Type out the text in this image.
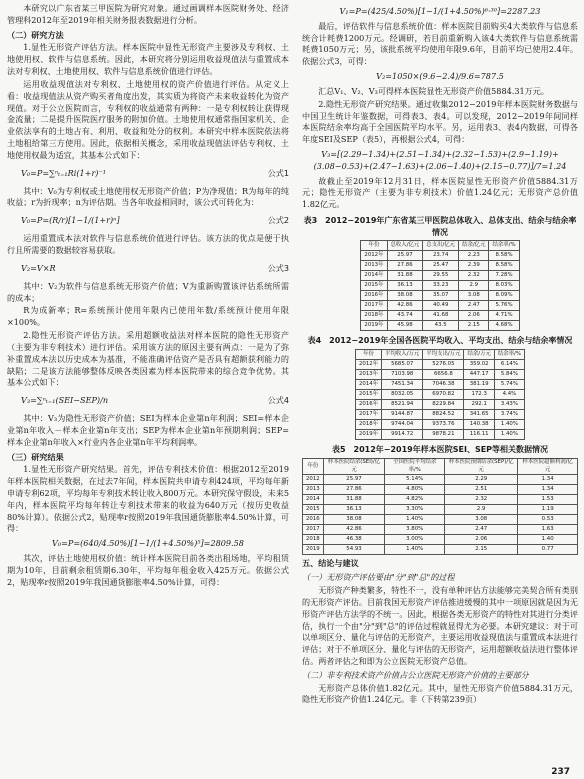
本研究以广东省某三甲医院为研究对象。通过画调样本医院财务处、经济管理科2012年至2019年相关财务报表数据进行分析。

（二）研究方法

1.显性无形资产评估方法。样本医院中显性无形资产主要涉及专利权、土地使用权、软件与信息系统。因此，本研究将分别运用收益现值法与重置成本法对专利权、土地使用权、软件与信息系统价值进行评估。

运用收益现值法对专利权、土地使用权的资产价值进行评估。从定义上看：收益现值法从资产购买者角度出发，其实质为将资产未来收益转化为资产现值。对于公立医院而言，专利权的收益通常有两种：一是专利权转让获得现金流量；二是提升医院医疗服务的附加价值。土地使用权通常指国家机关、企业依法享有的土地占有、利用、收益和处分的权利。本研究中样本医院依法将土地租给第三方使用。因此，依据相关概念，采用收益现值法评估专利权、土地使用权最为适宜，其基本公式如下：

V₀=P=∑ⁿₜ₌₁Ri(1+r)⁻¹	公式1

其中：V₀为专利权或土地使用权无形资产价值；P为净现值；R为每年的纯收益；r为折现率；n为评估期。当各年收益相同时，该公式可转化为：

V₀=P=(R/r)[1−1/(1+r)ⁿ]	公式2

运用重置成本法对软件与信息系统价值进行评估。该方法的优点是便于执行且所需要的数据较容易获取。

V₂=V×R	公式3

其中：V₂为软件与信息系统无形资产价值；V为重新购置该评估系统所需的成本；

R为成新率；R=系统预计使用年限内已使用年数/系统预计使用年限×100%。

2.隐性无形资产评估方法。采用超额收益法对样本医院的隐性无形资产（主要为非专利技术）进行评估。采用该方法的原因主要有两点：一是为了弥补重置成本法以历史成本为基准，不能准确评估资产是否具有超额获利能力的缺陷；二是该方法能够整体反映各类因素为样本医院带来的综合竞争优势。其基本公式如下：

V₃=∑ⁿₜ₌₁(SEI−SEP)/n	公式4

其中：V₃为隐性无形资产价值；SEI为样本企业第n年利润；SEI=样本企业第n年收入－样本企业第n年支出；SEP为样本企业第n年预期利润；SEP=样本企业第n年收入×行业内各企业第n年平均利润率。

（三）研究结果

1.显性无形资产研究结果。首先，评估专利技术价值：根据2012至2019年样本医院相关数据，在过去7年间，样本医院共申请专利424项，平均每年新申请专利62项，平均每年专利技术转让收入800万元。本研究保守假设，未来5年内，样本医院平均每年转让专利技术带来的收益为640万元（按历史收益80%计算）。依据公式2，贴现率r按照2019年我国通货膨胀率4.50%计算，可得：

V₀=P=(640/4.50%)[1−1/(1+4.50%)⁵]=2809.58

其次，评估土地使用权价值：统计样本医院目前各类出租场地，平均租赁期为10年，目前剩余租赁期6.30年，平均每年租金收入425万元。依据公式2，贴现率r按照2019年我国通货膨胀率4.50%计算，可得：

V₁=P=(425/4.50%)[1−1/(1+4.50%)⁶·³⁰]=2287.23

最后，评估软件与信息系统价值：样本医院目前购买4大类软件与信息系统合计耗费1200万元。经调研，若目前重新购入该4大类软件与信息系统需耗费1050万元；另，该批系统平均使用年限9.6年，目前平均已使用2.4年。依据公式3，可得：

V₂=1050×(9.6−2.4)/9.6=787.5

汇总V₁、V₂、V₃可得样本医院显性无形资产价值5884.31万元。

2.隐性无形资产研究结果。通过收集2012−2019年样本医院财务数据与中国卫生统计年鉴数据，可得表3、表4。可以发现，2012−2019年间同样本医院结余率均高于全国医院平均水平。另，运用表3、表4内数据，可得各年度SEI及SEP（表5），再根据公式4，可得：

V₃=[(2.29−1.34)+(2.51−1.34)+(2.32−1.53)+(2.9−1.19)+(3.08−0.53)+(2.47−1.63)+(2.06−1.40)+(2.15−0.77)]/7=1.24

故截止至2019年12月31日，样本医院显性无形资产价值5884.31万元；隐性无形资产（主要为非专利技术）价值1.24亿元；无形资产总价值1.82亿元。

表3　2012−2019年广东省某三甲医院总体收入、总体支出、结余与结余率情况
年份	总收入/亿元	总支出/亿元	结余/亿元	结余率/%
2012年	25.97	23.74	2.23	8.58%
2013年	27.86	25.47	2.39	8.58%
2014年	31.88	29.55	2.32	7.28%
2015年	36.13	33.23	2.9	8.03%
2016年	38.08	35.07	3.08	8.09%
2017年	42.86	40.49	2.47	5.76%
2018年	43.74	41.68	2.06	4.71%
2019年	45.98	43.5	2.15	4.68%
表4　2012−2019年全国各医院平均收入、平均支出、结余与结余率情况
年份	平均收入/万元	平均支出/万元	结余/万元	结余率/%
2012年	5685.07	5276.05	359.02	6.14%
2013年	7103.98	6656.8	447.17	5.84%
2014年	7451.34	7046.38	381.19	5.74%
2015年	8032.05	6970.82	172.3	4.4%
2016年	8521.94	8229.84	292.1	3.43%
2017年	9144.87	8824.52	341.65	3.74%
2018年	9744.04	9373.76	140.38	1.40%
2019年	9914.72	9878.21	116.11	1.40%
表5　2012年−2019年样本医院SEI、SEP等相关数据情况
年份	样本医院结余(SEI)/亿元	全国医院平均结余率/%	样本医院预期结余(SEP)/亿元	样本医院超额利润/亿元
2012	25.97	5.14%	2.29	1.34
2013	27.86	4.80%	2.51	1.34
2014	31.88	4.82%	2.32	1.53
2015	36.13	3.30%	2.9	1.19
2016	38.08	1.40%	3.08	0.53
2017	42.86	3.80%	2.47	1.63
2018	46.38	3.00%	2.06	1.40
2019	54.93	1.40%	2.15	0.77

五、结论与建议

（一）无形资产评估要由"分"到"总"的过程

无形资产种类繁多，特性不一，没有单种评估方法能够完美契合所有类别的无形资产评估。目前我国无形资产评估推进缓慢的其中一项原因就是因为无形资产评估方法学的不统一。因此，根据各类无形资产的特性对其进行分类评估，执行一个由"分"到"总"的评估过程就显得尤为必要。本研究建议：对于可以单项区分、量化与评估的无形资产，主要运用收益现值法与重置成本法进行评估；对于不单项区分、量化与评估的无形资产，运用超额收益法进行整体评估。两者评估之和即为公立医院无形资产总值。

（二）非专利技术资产价值占公立医院无形资产价值的主要部分

无形资产总体价值1.82亿元。其中，显性无形资产价值5884.31万元，隐性无形资产价值1.24亿元。非（下转第239页）

237
